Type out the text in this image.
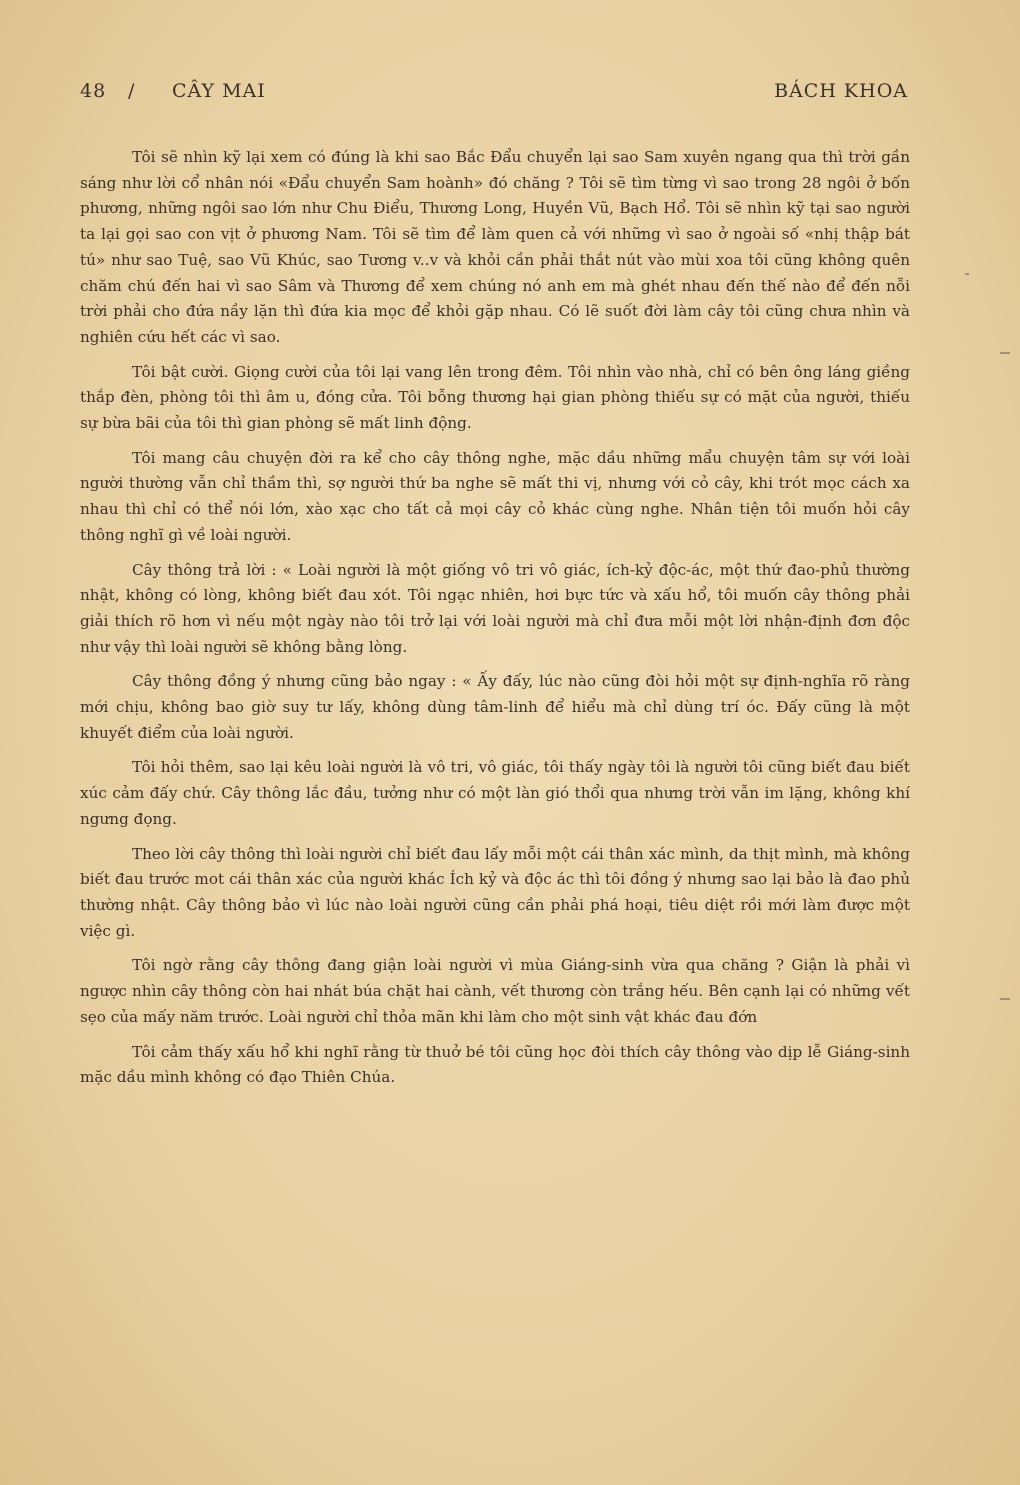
48 / CÂY MAI	BÁCH KHOA

Tôi sẽ nhìn kỹ lại xem có đúng là khi sao Bắc Đẩu chuyển lại sao Sam xuyên ngang qua thì trời gần sáng như lời cổ nhân nói «Đẩu chuyển Sam hoành» đó chăng ? Tôi sẽ tìm từng vì sao trong 28 ngôi ở bốn phương, những ngôi sao lớn như Chu Điểu, Thương Long, Huyền Vũ, Bạch Hổ. Tôi sẽ nhìn kỹ tại sao người ta lại gọi sao con vịt ở phương Nam. Tôi sẽ tìm để làm quen cả với những vì sao ở ngoài số «nhị thập bát tú» như sao Tuệ, sao Vũ Khúc, sao Tương v..v và khỏi cần phải thắt nút vào mùi xoa tôi cũng không quên chăm chú đến hai vì sao Sâm và Thương để xem chúng nó anh em mà ghét nhau đến thế nào để đến nỗi trời phải cho đứa nầy lặn thì đứa kia mọc để khỏi gặp nhau. Có lẽ suốt đời làm cây tôi cũng chưa nhìn và nghiên cứu hết các vì sao.

Tôi bật cười. Giọng cười của tôi lại vang lên trong đêm. Tôi nhìn vào nhà, chỉ có bên ông láng giềng thắp đèn, phòng tôi thì âm u, đóng cửa. Tôi bỗng thương hại gian phòng thiếu sự có mặt của người, thiếu sự bừa bãi của tôi thì gian phòng sẽ mất linh động.

Tôi mang câu chuyện đời ra kể cho cây thông nghe, mặc dầu những mẩu chuyện tâm sự với loài người thường vẫn chỉ thầm thì, sợ người thứ ba nghe sẽ mất thi vị, nhưng với cỏ cây, khi trót mọc cách xa nhau thì chỉ có thể nói lớn, xào xạc cho tất cả mọi cây cỏ khác cùng nghe. Nhân tiện tôi muốn hỏi cây thông nghĩ gì về loài người.

Cây thông trả lời : « Loài người là một giống vô tri vô giác, ích-kỷ độc-ác, một thứ đao-phủ thường nhật, không có lòng, không biết đau xót. Tôi ngạc nhiên, hơi bực tức và xấu hổ, tôi muốn cây thông phải giải thích rõ hơn vì nếu một ngày nào tôi trở lại với loài người mà chỉ đưa mỗi một lời nhận-định đơn độc như vậy thì loài người sẽ không bằng lòng.

Cây thông đồng ý nhưng cũng bảo ngay : « Ấy đấy, lúc nào cũng đòi hỏi một sự định-nghĩa rõ ràng mới chịu, không bao giờ suy tư lấy, không dùng tâm-linh để hiểu mà chỉ dùng trí óc. Đấy cũng là một khuyết điểm của loài người.

Tôi hỏi thêm, sao lại kêu loài người là vô tri, vô giác, tôi thấy ngày tôi là người tôi cũng biết đau biết xúc cảm đấy chứ. Cây thông lắc đầu, tưởng như có một làn gió thổi qua nhưng trời vẫn im lặng, không khí ngưng đọng.

Theo lời cây thông thì loài người chỉ biết đau lấy mỗi một cái thân xác mình, da thịt mình, mà không biết đau trước mot cái thân xác của người khác Ích kỷ và độc ác thì tôi đồng ý nhưng sao lại bảo là đao phủ thường nhật. Cây thông bảo vì lúc nào loài người cũng cần phải phá hoại, tiêu diệt rồi mới làm được một việc gì.

Tôi ngờ rằng cây thông đang giận loài người vì mùa Giáng-sinh vừa qua chăng ? Giận là phải vì ngược nhìn cây thông còn hai nhát búa chặt hai cành, vết thương còn trắng hếu. Bên cạnh lại có những vết sẹo của mấy năm trước. Loài người chỉ thỏa mãn khi làm cho một sinh vật khác đau đớn

Tôi cảm thấy xấu hổ khi nghĩ rằng từ thuở bé tôi cũng học đòi thích cây thông vào dịp lễ Giáng-sinh mặc dầu mình không có đạo Thiên Chúa.
